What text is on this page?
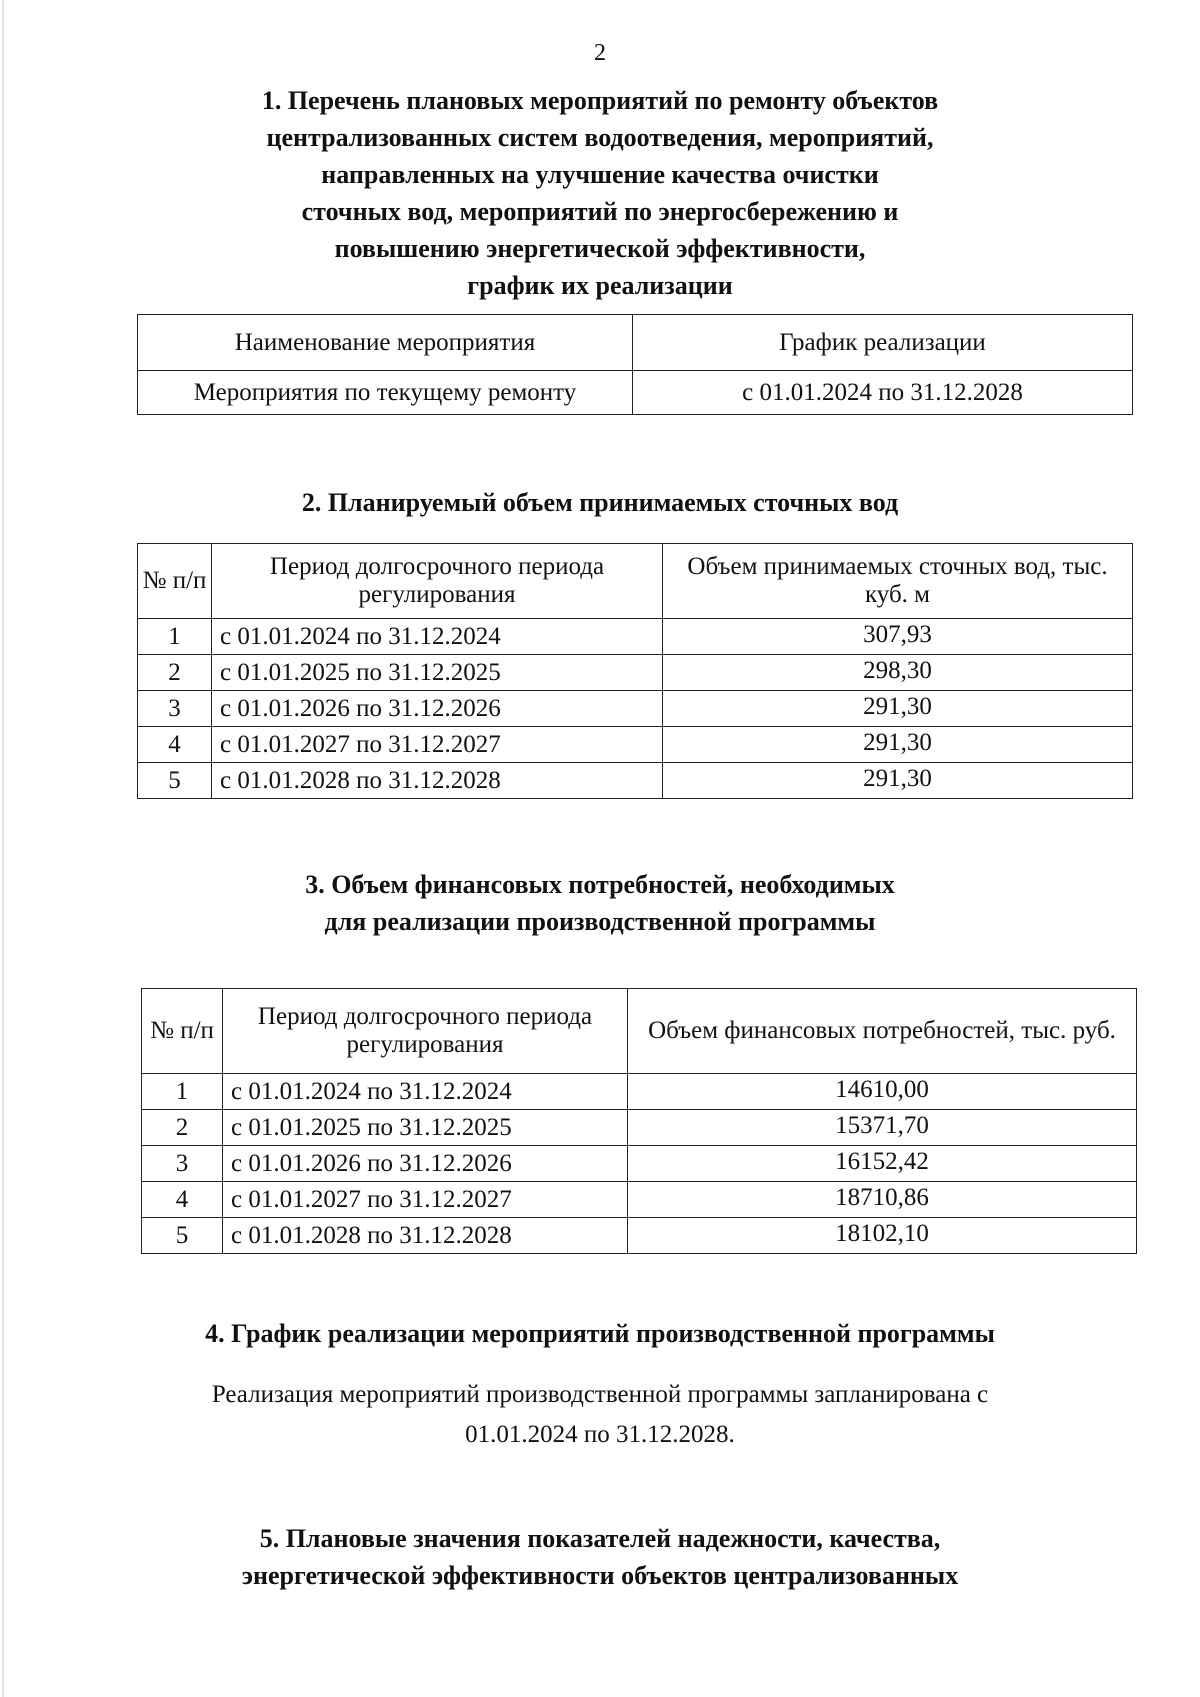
2
1. Перечень плановых мероприятий по ремонту объектов
централизованных систем водоотведения, мероприятий,
направленных на улучшение качества очистки
сточных вод, мероприятий по энергосбережению и
повышению энергетической эффективности,
график их реализации
Наименование мероприятия	График реализации
Мероприятия по текущему ремонту	с 01.01.2024 по 31.12.2028
2. Планируемый объем принимаемых сточных вод
№ п/п	Период долгосрочного периода регулирования	Объем принимаемых сточных вод, тыс. куб. м
1	с 01.01.2024 по 31.12.2024	307,93
2	с 01.01.2025 по 31.12.2025	298,30
3	с 01.01.2026 по 31.12.2026	291,30
4	с 01.01.2027 по 31.12.2027	291,30
5	с 01.01.2028 по 31.12.2028	291,30
3. Объем финансовых потребностей, необходимых
для реализации производственной программы
№ п/п	Период долгосрочного периода регулирования	Объем финансовых потребностей, тыс. руб.
1	с 01.01.2024 по 31.12.2024	14610,00
2	с 01.01.2025 по 31.12.2025	15371,70
3	с 01.01.2026 по 31.12.2026	16152,42
4	с 01.01.2027 по 31.12.2027	18710,86
5	с 01.01.2028 по 31.12.2028	18102,10
4. График реализации мероприятий производственной программы
Реализация мероприятий производственной программы запланирована с
01.01.2024 по 31.12.2028.
5. Плановые значения показателей надежности, качества,
энергетической эффективности объектов централизованных
